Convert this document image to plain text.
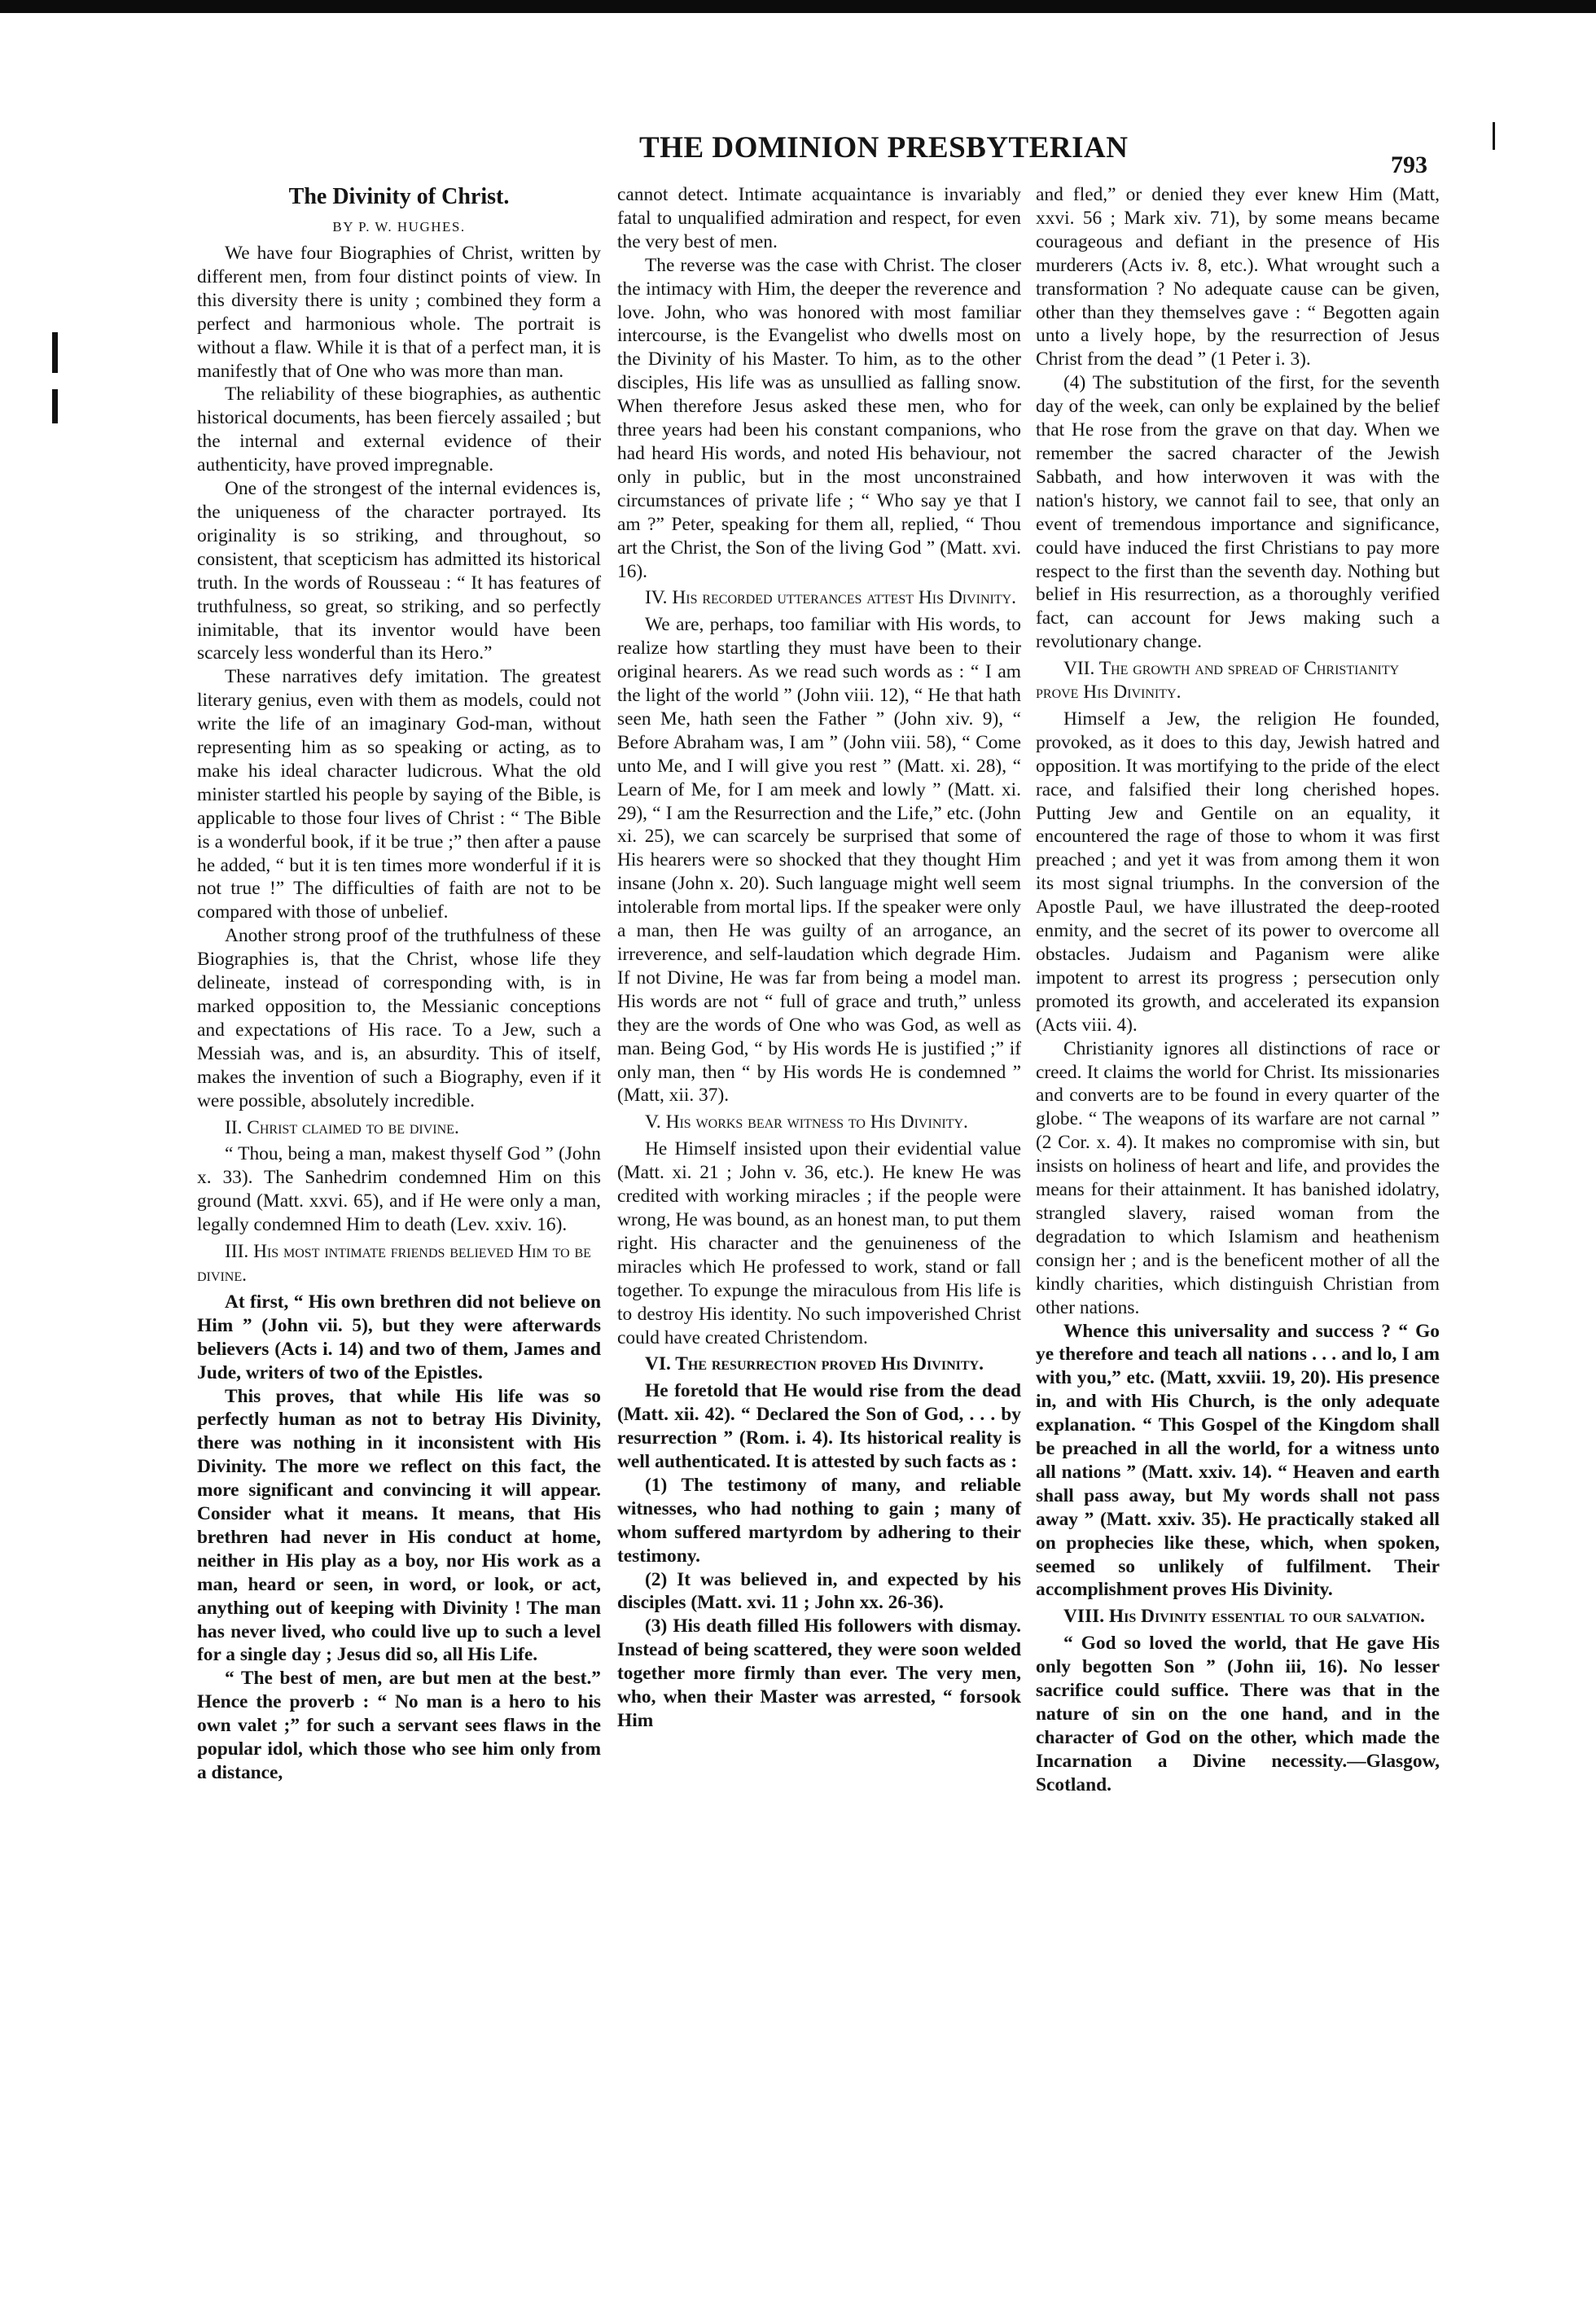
THE DOMINION PRESBYTERIAN
793
The Divinity of Christ.
BY P. W. HUGHES.

We have four Biographies of Christ, written by different men, from four distinct points of view. In this diversity there is unity ; combined they form a perfect and harmonious whole. The portrait is without a flaw. While it is that of a perfect man, it is manifestly that of One who was more than man.

The reliability of these biographies, as authentic historical documents, has been fiercely assailed ; but the internal and external evidence of their authenticity, have proved impregnable.

One of the strongest of the internal evidences is, the uniqueness of the character portrayed. Its originality is so striking, and throughout, so consistent, that scepticism has admitted its historical truth. In the words of Rousseau : “ It has features of truthfulness, so great, so striking, and so perfectly inimitable, that its inventor would have been scarcely less wonderful than its Hero.”

These narratives defy imitation. The greatest literary genius, even with them as models, could not write the life of an imaginary God-man, without representing him as so speaking or acting, as to make his ideal character ludicrous. What the old minister startled his people by saying of the Bible, is applicable to those four lives of Christ : “ The Bible is a wonderful book, if it be true ;” then after a pause he added, “ but it is ten times more wonderful if it is not true !” The difficulties of faith are not to be compared with those of unbelief.

Another strong proof of the truthfulness of these Biographies is, that the Christ, whose life they delineate, instead of corresponding with, is in marked opposition to, the Messianic conceptions and expectations of His race. To a Jew, such a Messiah was, and is, an absurdity. This of itself, makes the invention of such a Biography, even if it were possible, absolutely incredible.

II. Christ claimed to be divine.

“ Thou, being a man, makest thyself God ” (John x. 33). The Sanhedrim condemned Him on this ground (Matt. xxvi. 65), and if He were only a man, legally condemned Him to death (Lev. xxiv. 16).

III. His most intimate friends believed Him to be divine.

At first, “ His own brethren did not believe on Him ” (John vii. 5), but they were afterwards believers (Acts i. 14) and two of them, James and Jude, writers of two of the Epistles.

This proves, that while His life was so perfectly human as not to betray His Divinity, there was nothing in it inconsistent with His Divinity. The more we reflect on this fact, the more significant and convincing it will appear. Consider what it means. It means, that His brethren had never in His conduct at home, neither in His play as a boy, nor His work as a man, heard or seen, in word, or look, or act, anything out of keeping with Divinity ! The man has never lived, who could live up to such a level for a single day ; Jesus did so, all His Life.

“ The best of men, are but men at the best.” Hence the proverb : “ No man is a hero to his own valet ;” for such a servant sees flaws in the popular idol, which those who see him only from a distance,

cannot detect. Intimate acquaintance is invariably fatal to unqualified admiration and respect, for even the very best of men.

The reverse was the case with Christ. The closer the intimacy with Him, the deeper the reverence and love. John, who was honored with most familiar intercourse, is the Evangelist who dwells most on the Divinity of his Master. To him, as to the other disciples, His life was as unsullied as falling snow. When therefore Jesus asked these men, who for three years had been his constant companions, who had heard His words, and noted His behaviour, not only in public, but in the most unconstrained circumstances of private life ; “ Who say ye that I am ?” Peter, speaking for them all, replied, “ Thou art the Christ, the Son of the living God ” (Matt. xvi. 16).

IV. His recorded utterances attest His Divinity.

We are, perhaps, too familiar with His words, to realize how startling they must have been to their original hearers. As we read such words as : “ I am the light of the world ” (John viii. 12), “ He that hath seen Me, hath seen the Father ” (John xiv. 9), “ Before Abraham was, I am ” (John viii. 58), “ Come unto Me, and I will give you rest ” (Matt. xi. 28), “ Learn of Me, for I am meek and lowly ” (Matt. xi. 29), “ I am the Resurrection and the Life,” etc. (John xi. 25), we can scarcely be surprised that some of His hearers were so shocked that they thought Him insane (John x. 20). Such language might well seem intolerable from mortal lips. If the speaker were only a man, then He was guilty of an arrogance, an irreverence, and self-laudation which degrade Him. If not Divine, He was far from being a model man. His words are not “ full of grace and truth,” unless they are the words of One who was God, as well as man. Being God, “ by His words He is justified ;” if only man, then “ by His words He is condemned ” (Matt, xii. 37).

V. His works bear witness to His Divinity.

He Himself insisted upon their evidential value (Matt. xi. 21 ; John v. 36, etc.). He knew He was credited with working miracles ; if the people were wrong, He was bound, as an honest man, to put them right. His character and the genuineness of the miracles which He professed to work, stand or fall together. To expunge the miraculous from His life is to destroy His identity. No such impoverished Christ could have created Christendom.

VI. The resurrection proved His Divinity.

He foretold that He would rise from the dead (Matt. xii. 42). “ Declared the Son of God, . . . by resurrection ” (Rom. i. 4). Its historical reality is well authenticated. It is attested by such facts as :

(1) The testimony of many, and reliable witnesses, who had nothing to gain ; many of whom suffered martyrdom by adhering to their testimony.

(2) It was believed in, and expected by his disciples (Matt. xvi. 11 ; John xx. 26-36).

(3) His death filled His followers with dismay. Instead of being scattered, they were soon welded together more firmly than ever. The very men, who, when their Master was arrested, “ forsook Him

and fled,” or denied they ever knew Him (Matt, xxvi. 56 ; Mark xiv. 71), by some means became courageous and defiant in the presence of His murderers (Acts iv. 8, etc.). What wrought such a transformation ? No adequate cause can be given, other than they themselves gave : “ Begotten again unto a lively hope, by the resurrection of Jesus Christ from the dead ” (1 Peter i. 3).

(4) The substitution of the first, for the seventh day of the week, can only be explained by the belief that He rose from the grave on that day. When we remember the sacred character of the Jewish Sabbath, and how interwoven it was with the nation's history, we cannot fail to see, that only an event of tremendous importance and significance, could have induced the first Christians to pay more respect to the first than the seventh day. Nothing but belief in His resurrection, as a thoroughly verified fact, can account for Jews making such a revolutionary change.

VII. The growth and spread of Christianity prove His Divinity.

Himself a Jew, the religion He founded, provoked, as it does to this day, Jewish hatred and opposition. It was mortifying to the pride of the elect race, and falsified their long cherished hopes. Putting Jew and Gentile on an equality, it encountered the rage of those to whom it was first preached ; and yet it was from among them it won its most signal triumphs. In the conversion of the Apostle Paul, we have illustrated the deep-rooted enmity, and the secret of its power to overcome all obstacles. Judaism and Paganism were alike impotent to arrest its progress ; persecution only promoted its growth, and accelerated its expansion (Acts viii. 4).

Christianity ignores all distinctions of race or creed. It claims the world for Christ. Its missionaries and converts are to be found in every quarter of the globe. “ The weapons of its warfare are not carnal ” (2 Cor. x. 4). It makes no compromise with sin, but insists on holiness of heart and life, and provides the means for their attainment. It has banished idolatry, strangled slavery, raised woman from the degradation to which Islamism and heathenism consign her ; and is the beneficent mother of all the kindly charities, which distinguish Christian from other nations.

Whence this universality and success ? “ Go ye therefore and teach all nations . . . and lo, I am with you,” etc. (Matt, xxviii. 19, 20). His presence in, and with His Church, is the only adequate explanation. “ This Gospel of the Kingdom shall be preached in all the world, for a witness unto all nations ” (Matt. xxiv. 14). “ Heaven and earth shall pass away, but My words shall not pass away ” (Matt. xxiv. 35). He practically staked all on prophecies like these, which, when spoken, seemed so unlikely of fulfilment. Their accomplishment proves His Divinity.

VIII. His Divinity essential to our salvation.

“ God so loved the world, that He gave His only begotten Son ” (John iii, 16). No lesser sacrifice could suffice. There was that in the nature of sin on the one hand, and in the character of God on the other, which made the Incarnation a Divine necessity.—Glasgow, Scotland.
